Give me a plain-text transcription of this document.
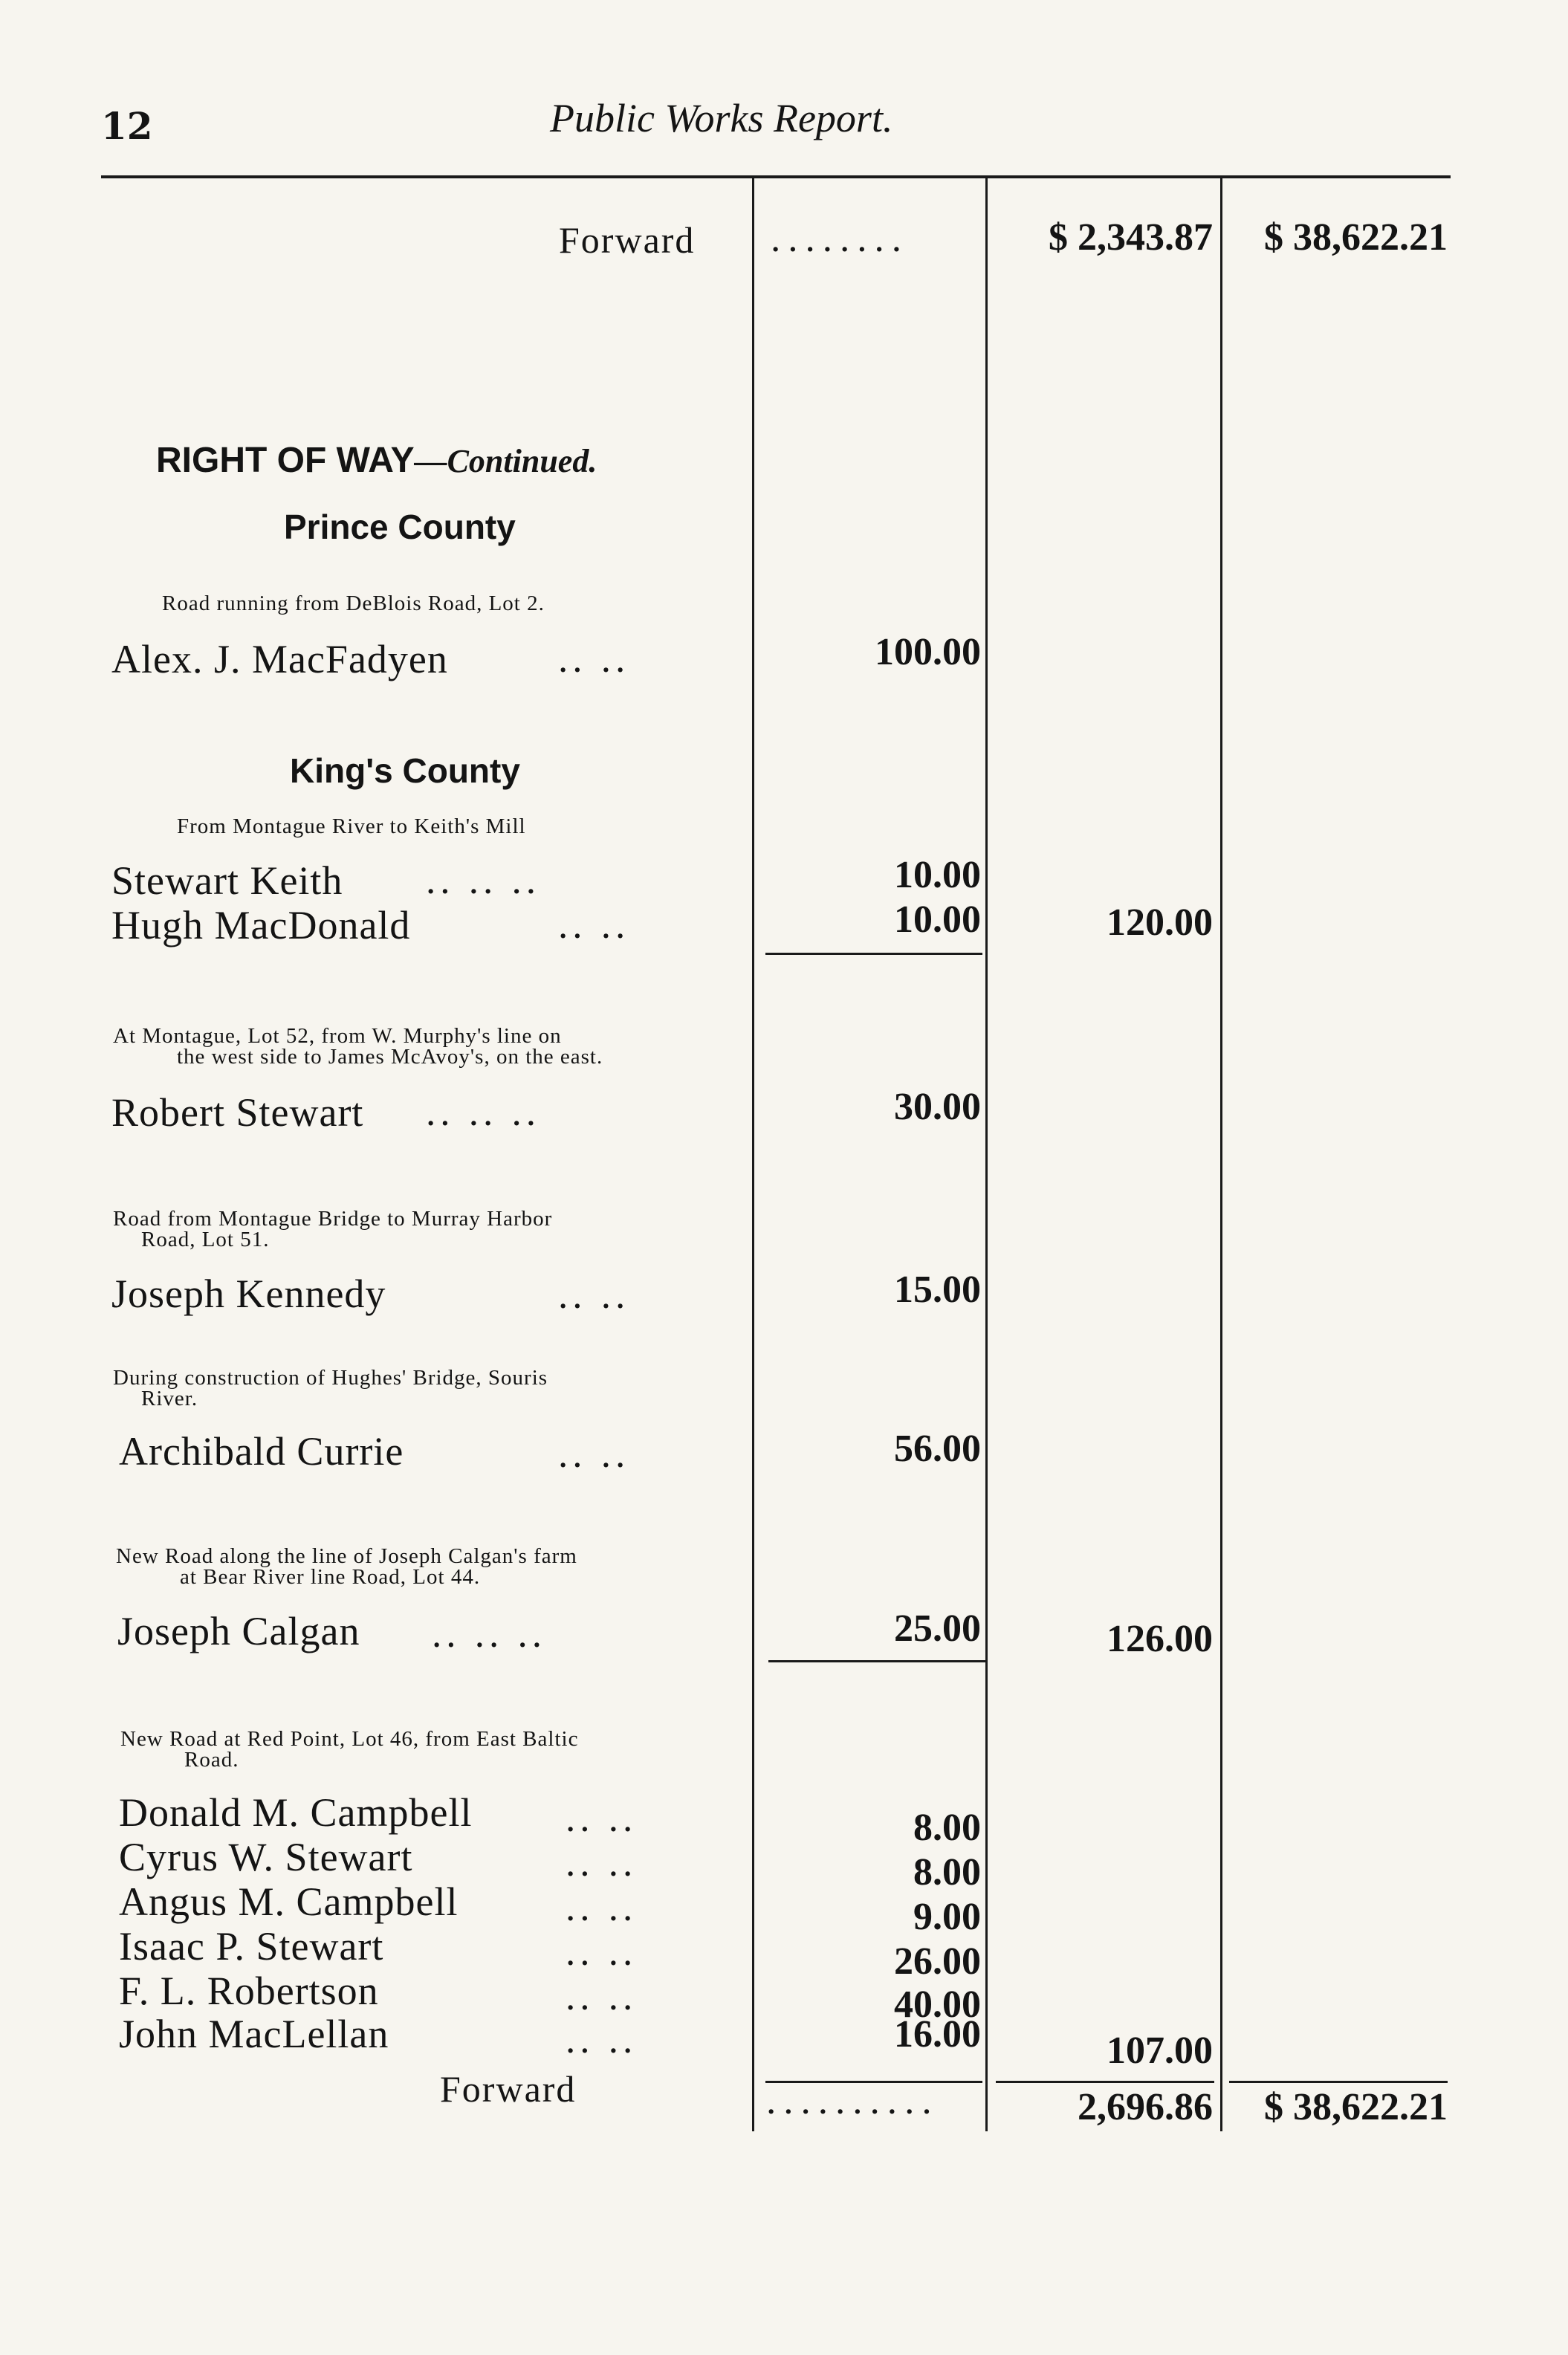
12	Public Works Report.
Forward ........	$ 2,343.87	$ 38,622.21
RIGHT OF WAY—Continued.
Prince County
Road running from DeBlois Road, Lot 2.
Alex. J. MacFadyen	.. ..	100.00
King's County
From Montague River to Keith's Mill
Stewart Keith .. .. ..	10.00
Hugh MacDonald	.. ..	10.00	120.00
At Montague, Lot 52, from W. Murphy's line on
the west side to James McAvoy's, on the east.
Robert Stewart .. .. ..	30.00
Road from Montague Bridge to Murray Harbor
Road, Lot 51.
Joseph Kennedy	.. ..	15.00
During construction of Hughes' Bridge, Souris
River.
Archibald Currie	.. ..	56.00
New Road along the line of Joseph Calgan's farm
at Bear River line Road, Lot 44.
Joseph Calgan .. .. ..	25.00	126.00
New Road at Red Point, Lot 46, from East Baltic
Road.
Donald M. Campbell	.. ..	8.00
Cyrus W. Stewart	.. ..	8.00
Angus M. Campbell	.. ..	9.00
Isaac P. Stewart	.. ..	26.00
F. L. Robertson	.. ..	40.00
John MacLellan	.. ..	16.00	107.00
Forward	..........	2,696.86	$ 38,622.21
